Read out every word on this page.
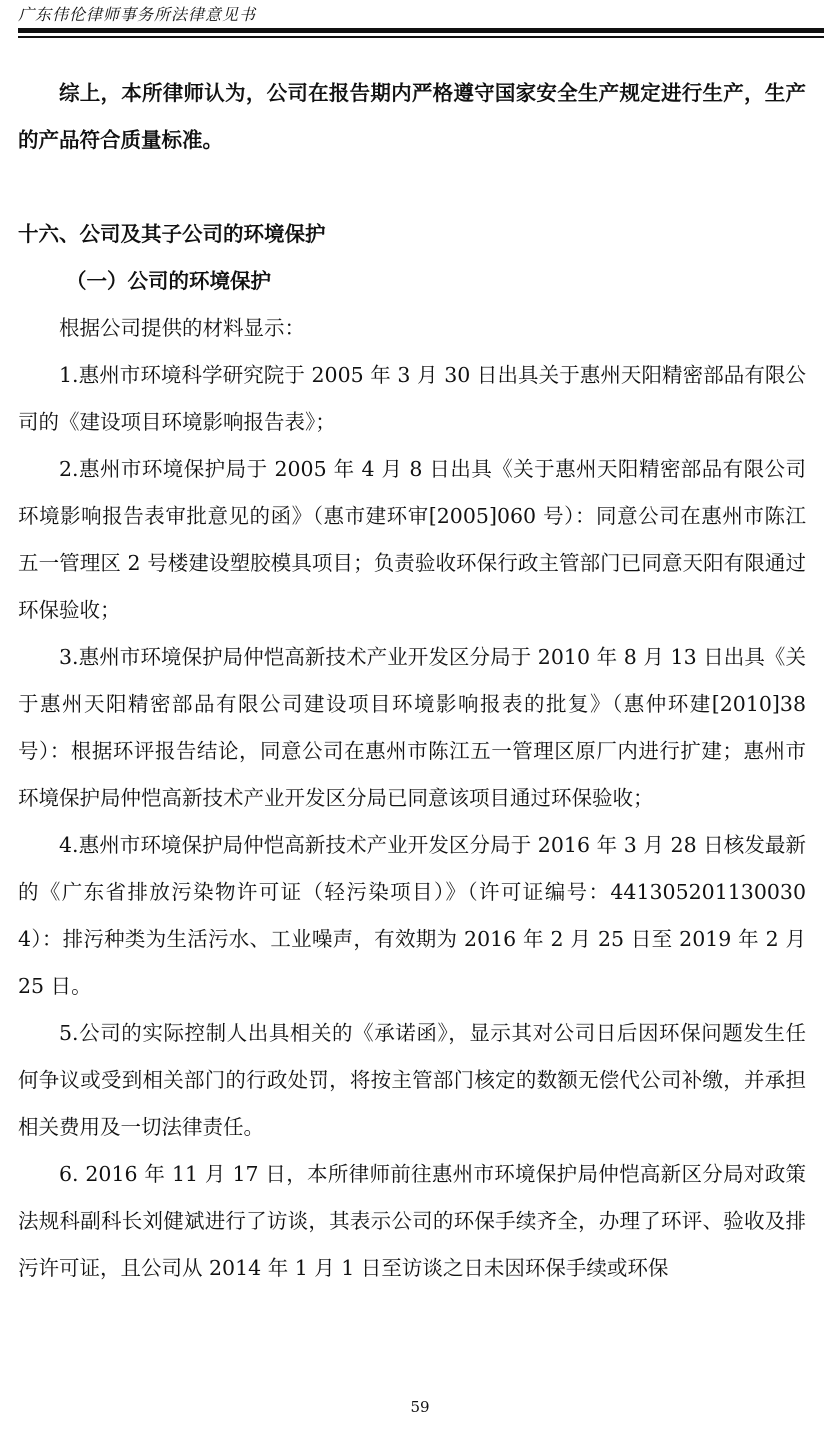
广东伟伦律师事务所法律意见书

综上，本所律师认为，公司在报告期内严格遵守国家安全生产规定进行生产，生产的产品符合质量标准。

十六、公司及其子公司的环境保护

（一）公司的环境保护

根据公司提供的材料显示：

1.惠州市环境科学研究院于 2005 年 3 月 30 日出具关于惠州天阳精密部品有限公司的《建设项目环境影响报告表》；

2.惠州市环境保护局于 2005 年 4 月 8 日出具《关于惠州天阳精密部品有限公司环境影响报告表审批意见的函》（惠市建环审[2005]060 号）：同意公司在惠州市陈江五一管理区 2 号楼建设塑胶模具项目；负责验收环保行政主管部门已同意天阳有限通过环保验收；

3.惠州市环境保护局仲恺高新技术产业开发区分局于 2010 年 8 月 13 日出具《关于惠州天阳精密部品有限公司建设项目环境影响报表的批复》（惠仲环建[2010]38 号）：根据环评报告结论，同意公司在惠州市陈江五一管理区原厂内进行扩建；惠州市环境保护局仲恺高新技术产业开发区分局已同意该项目通过环保验收；

4.惠州市环境保护局仲恺高新技术产业开发区分局于 2016 年 3 月 28 日核发最新的《广东省排放污染物许可证（轻污染项目）》（许可证编号：4413052011300304）：排污种类为生活污水、工业噪声，有效期为 2016 年 2 月 25 日至 2019 年 2 月 25 日。

5.公司的实际控制人出具相关的《承诺函》，显示其对公司日后因环保问题发生任何争议或受到相关部门的行政处罚，将按主管部门核定的数额无偿代公司补缴，并承担相关费用及一切法律责任。

6. 2016 年 11 月 17 日，本所律师前往惠州市环境保护局仲恺高新区分局对政策法规科副科长刘健斌进行了访谈，其表示公司的环保手续齐全，办理了环评、验收及排污许可证，且公司从 2014 年 1 月 1 日至访谈之日未因环保手续或环保

59
